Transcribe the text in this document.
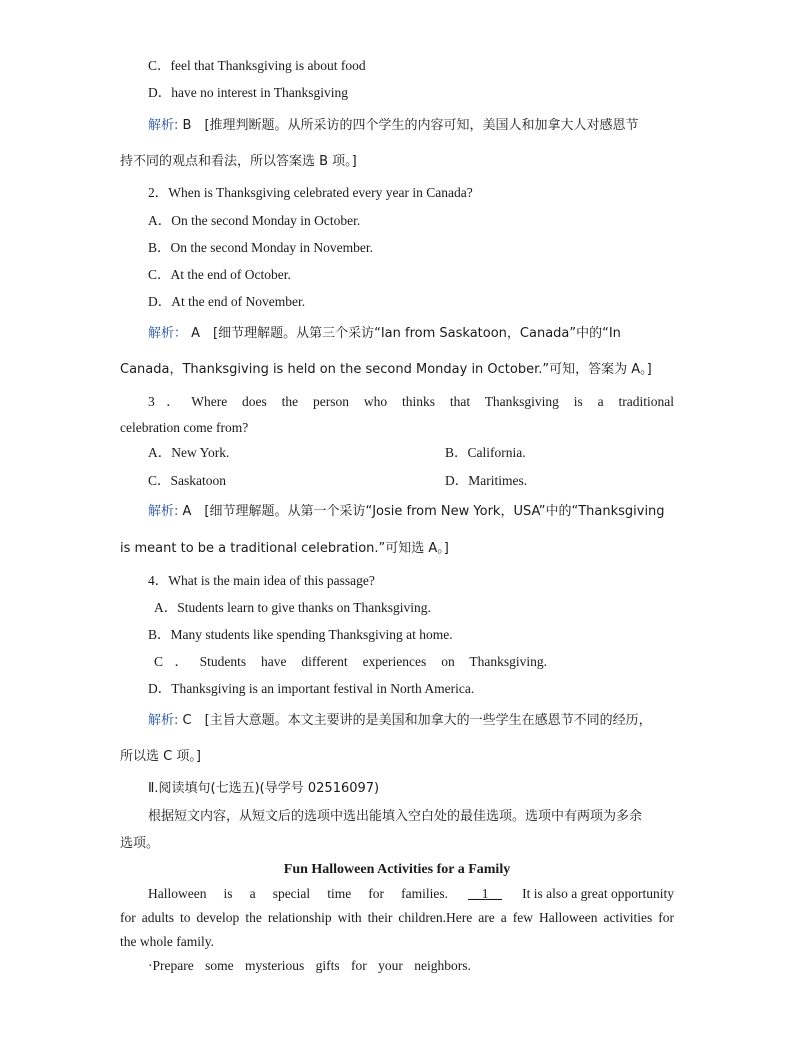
C．feel that Thanksgiving is about food
D．have no interest in Thanksgiving
解析: B　[推理判断题。从所采访的四个学生的内容可知，美国人和加拿大人对感恩节
持不同的观点和看法，所以答案选 B 项。]
2．When is Thanksgiving celebrated every year in Canada?
A．On the second Monday in October.
B．On the second Monday in November.
C．At the end of October.
D．At the end of November.
解析： A　[细节理解题。从第三个采访“Ian from Saskatoon，Canada”中的“In
Canada，Thanksgiving is held on the second Monday in October.”可知，答案为 A。]
3．Where does the person who thinks that Thanksgiving is a traditional
celebration come from?
A．New York.	B．California.
C．Saskatoon	D．Maritimes.
解析: A　[细节理解题。从第一个采访“Josie from New York，USA”中的“Thanksgiving
is meant to be a traditional celebration.”可知选 A。]
4．What is the main idea of this passage?
A．Students learn to give thanks on Thanksgiving.
B．Many students like spending Thanksgiving at home.
C．Students have different experiences on Thanksgiving.
D．Thanksgiving is an important festival in North America.
解析: C　[主旨大意题。本文主要讲的是美国和加拿大的一些学生在感恩节不同的经历，
所以选 C 项。]
Ⅱ.阅读填句(七选五)(导学号 02516097)
根据短文内容，从短文后的选项中选出能填入空白处的最佳选项。选项中有两项为多余
选项。
Fun Halloween Activities for a Family
Halloween is a special time for families. __1__ It is also a great opportunity
for adults to develop the relationship with their children.Here are a few Halloween activities for
the whole family.
·Prepare some mysterious gifts for your neighbors.
